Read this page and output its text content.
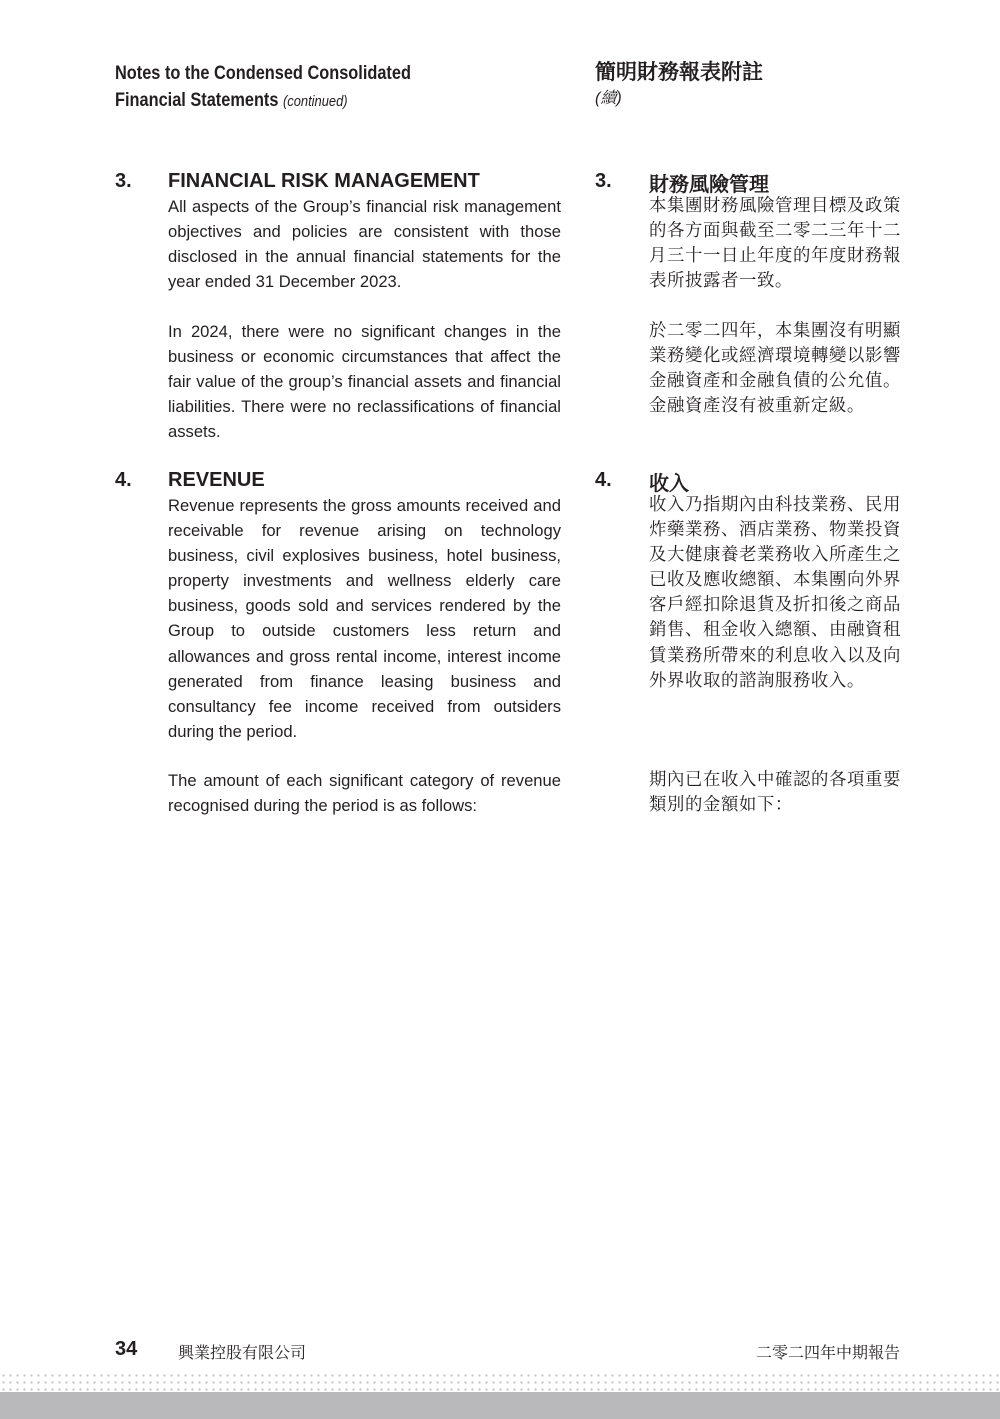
Notes to the Condensed Consolidated
Financial Statements (continued)
簡明財務報表附註
(續)
3. FINANCIAL RISK MANAGEMENT	3. 財務風險管理
All aspects of the Group’s financial risk management objectives and policies are consistent with those disclosed in the annual financial statements for the year ended 31 December 2023.
In 2024, there were no significant changes in the business or economic circumstances that affect the fair value of the group’s financial assets and financial liabilities. There were no reclassifications of financial assets.
本集團財務風險管理目標及政策的各方面與截至二零二三年十二月三十一日止年度的年度財務報表所披露者一致。
於二零二四年，本集團沒有明顯業務變化或經濟環境轉變以影響金融資產和金融負債的公允值。金融資產沒有被重新定級。
4. REVENUE	4. 收入
Revenue represents the gross amounts received and receivable for revenue arising on technology business, civil explosives business, hotel business, property investments and wellness elderly care business, goods sold and services rendered by the Group to outside customers less return and allowances and gross rental income, interest income generated from finance leasing business and consultancy fee income received from outsiders during the period.
The amount of each significant category of revenue recognised during the period is as follows:
收入乃指期內由科技業務、民用炸藥業務、酒店業務、物業投資及大健康養老業務收入所產生之已收及應收總額、本集團向外界客戶經扣除退貨及折扣後之商品銷售、租金收入總額、由融資租賃業務所帶來的利息收入以及向外界收取的諮詢服務收入。
期內已在收入中確認的各項重要類別的金額如下：
34	興業控股有限公司	二零二四年中期報告
